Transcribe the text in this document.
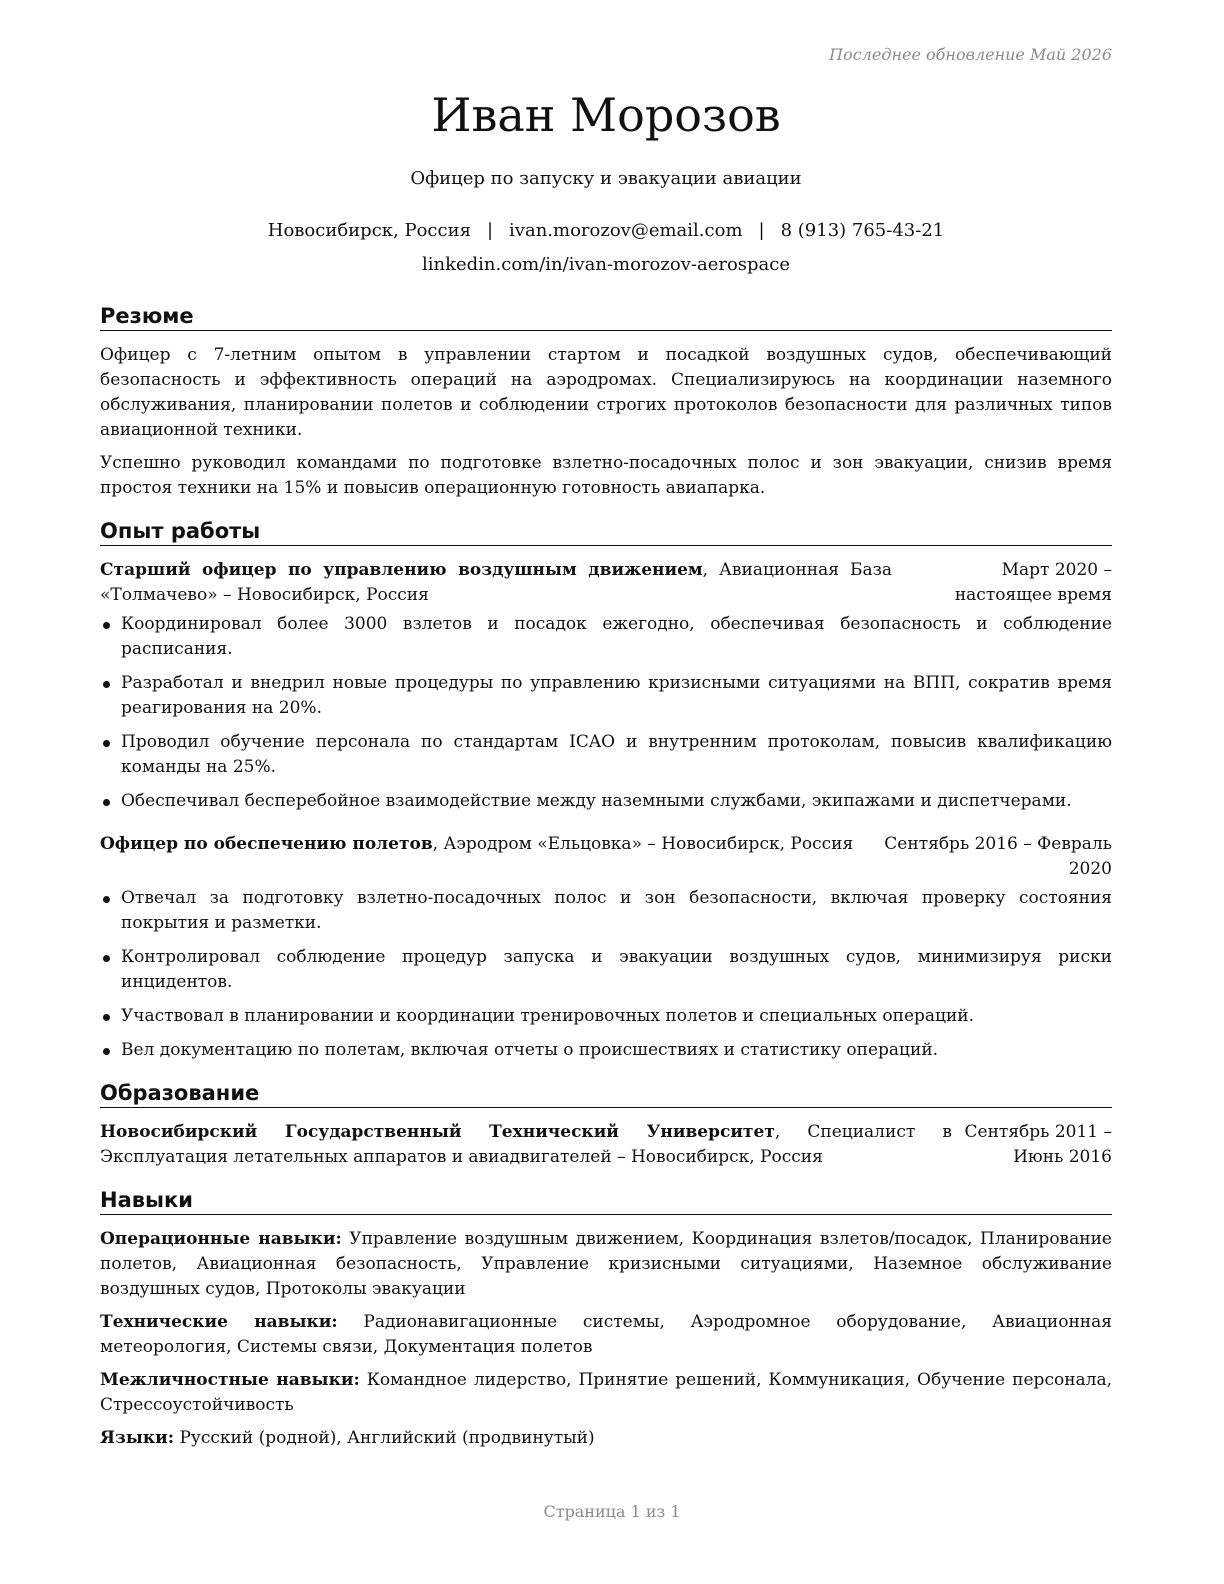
Последнее обновление Май 2026
Иван Морозов
Офицер по запуску и эвакуации авиации
Новосибирск, Россия | ivan.morozov@email.com | 8 (913) 765-43-21
linkedin.com/in/ivan-morozov-aerospace
Резюме

Офицер с 7-летним опытом в управлении стартом и посадкой воздушных судов, обеспечивающий безопасность и эффективность операций на аэродромах. Специализируюсь на координации наземного обслуживания, планировании полетов и соблюдении строгих протоколов безопасности для различных типов авиационной техники.

Успешно руководил командами по подготовке взлетно-посадочных полос и зон эвакуации, снизив время простоя техники на 15% и повысив операционную готовность авиапарка.

Опыт работы
Старший офицер по управлению воздушным движением, Авиационная База «Толмачево» – Новосибирск, Россия
Март 2020 – настоящее время
Координировал более 3000 взлетов и посадок ежегодно, обеспечивая безопасность и соблюдение расписания.
Разработал и внедрил новые процедуры по управлению кризисными ситуациями на ВПП, сократив время реагирования на 20%.
Проводил обучение персонала по стандартам ICAO и внутренним протоколам, повысив квалификацию команды на 25%.
Обеспечивал бесперебойное взаимодействие между наземными службами, экипажами и диспетчерами.
Офицер по обеспечению полетов, Аэродром «Ельцовка» – Новосибирск, Россия	Сентябрь 2016 – Февраль 2020
Отвечал за подготовку взлетно-посадочных полос и зон безопасности, включая проверку состояния покрытия и разметки.
Контролировал соблюдение процедур запуска и эвакуации воздушных судов, минимизируя риски инцидентов.
Участвовал в планировании и координации тренировочных полетов и специальных операций.
Вел документацию по полетам, включая отчеты о происшествиях и статистику операций.
Образование
Новосибирский Государственный Технический Университет, Специалист в Эксплуатация летательных аппаратов и авиадвигателей – Новосибирск, Россия
Сентябрь 2011 – Июнь 2016
Навыки

Операционные навыки: Управление воздушным движением, Координация взлетов/посадок, Планирование полетов, Авиационная безопасность, Управление кризисными ситуациями, Наземное обслуживание воздушных судов, Протоколы эвакуации

Технические навыки: Радионавигационные системы, Аэродромное оборудование, Авиационная метеорология, Системы связи, Документация полетов

Межличностные навыки: Командное лидерство, Принятие решений, Коммуникация, Обучение персонала, Стрессоустойчивость

Языки: Русский (родной), Английский (продвинутый)

Страница 1 из 1
